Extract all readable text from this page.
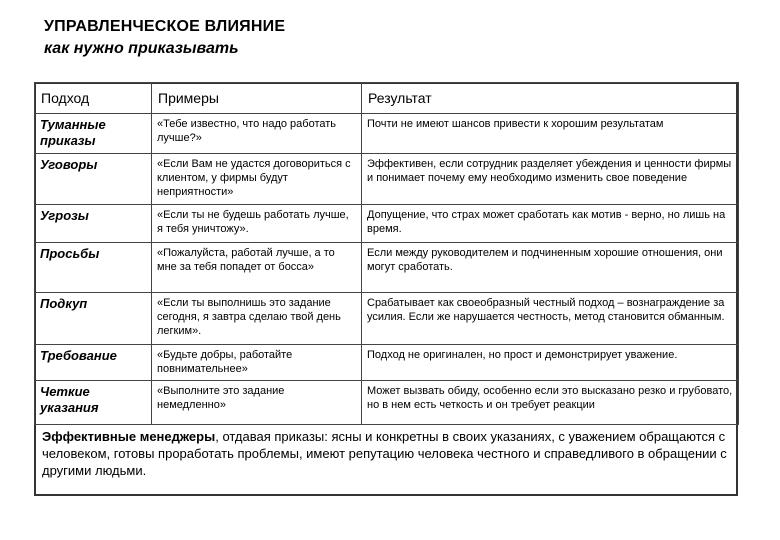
УПРАВЛЕНЧЕСКОЕ ВЛИЯНИЕ
как нужно приказывать
Подход	Примеры	Результат
Туманные приказы	«Тебе известно, что надо работать лучше?»	Почти не имеют шансов привести к хорошим результатам
Уговоры	«Если Вам не удастся договориться с клиентом, у фирмы будут неприятности»	Эффективен, если сотрудник разделяет убеждения и ценности фирмы и понимает почему ему необходимо изменить свое поведение
Угрозы	«Если ты не будешь работать лучше, я тебя уничтожу».	Допущение, что страх может сработать как мотив - верно, но лишь на время.
Просьбы	«Пожалуйста, работай лучше, а то мне за тебя попадет от босса»	Если между руководителем и подчиненным хорошие отношения, они могут сработать.
Подкуп	«Если ты выполнишь это задание сегодня, я завтра сделаю твой день легким».	Срабатывает как своеобразный честный подход – вознаграждение за усилия. Если же нарушается честность, метод становится обманным.
Требование	«Будьте добры, работайте повнимательнее»	Подход не оригинален, но прост и демонстрирует уважение.
Четкие указания	«Выполните это задание немедленно»	Может вызвать обиду, особенно если это высказано резко и грубовато, но в нем есть четкость и он требует реакции
Эффективные менеджеры, отдавая приказы: ясны и конкретны в своих указаниях, с уважением обращаются с человеком, готовы проработать проблемы, имеют репутацию человека честного и справедливого в обращении с другими людьми.
